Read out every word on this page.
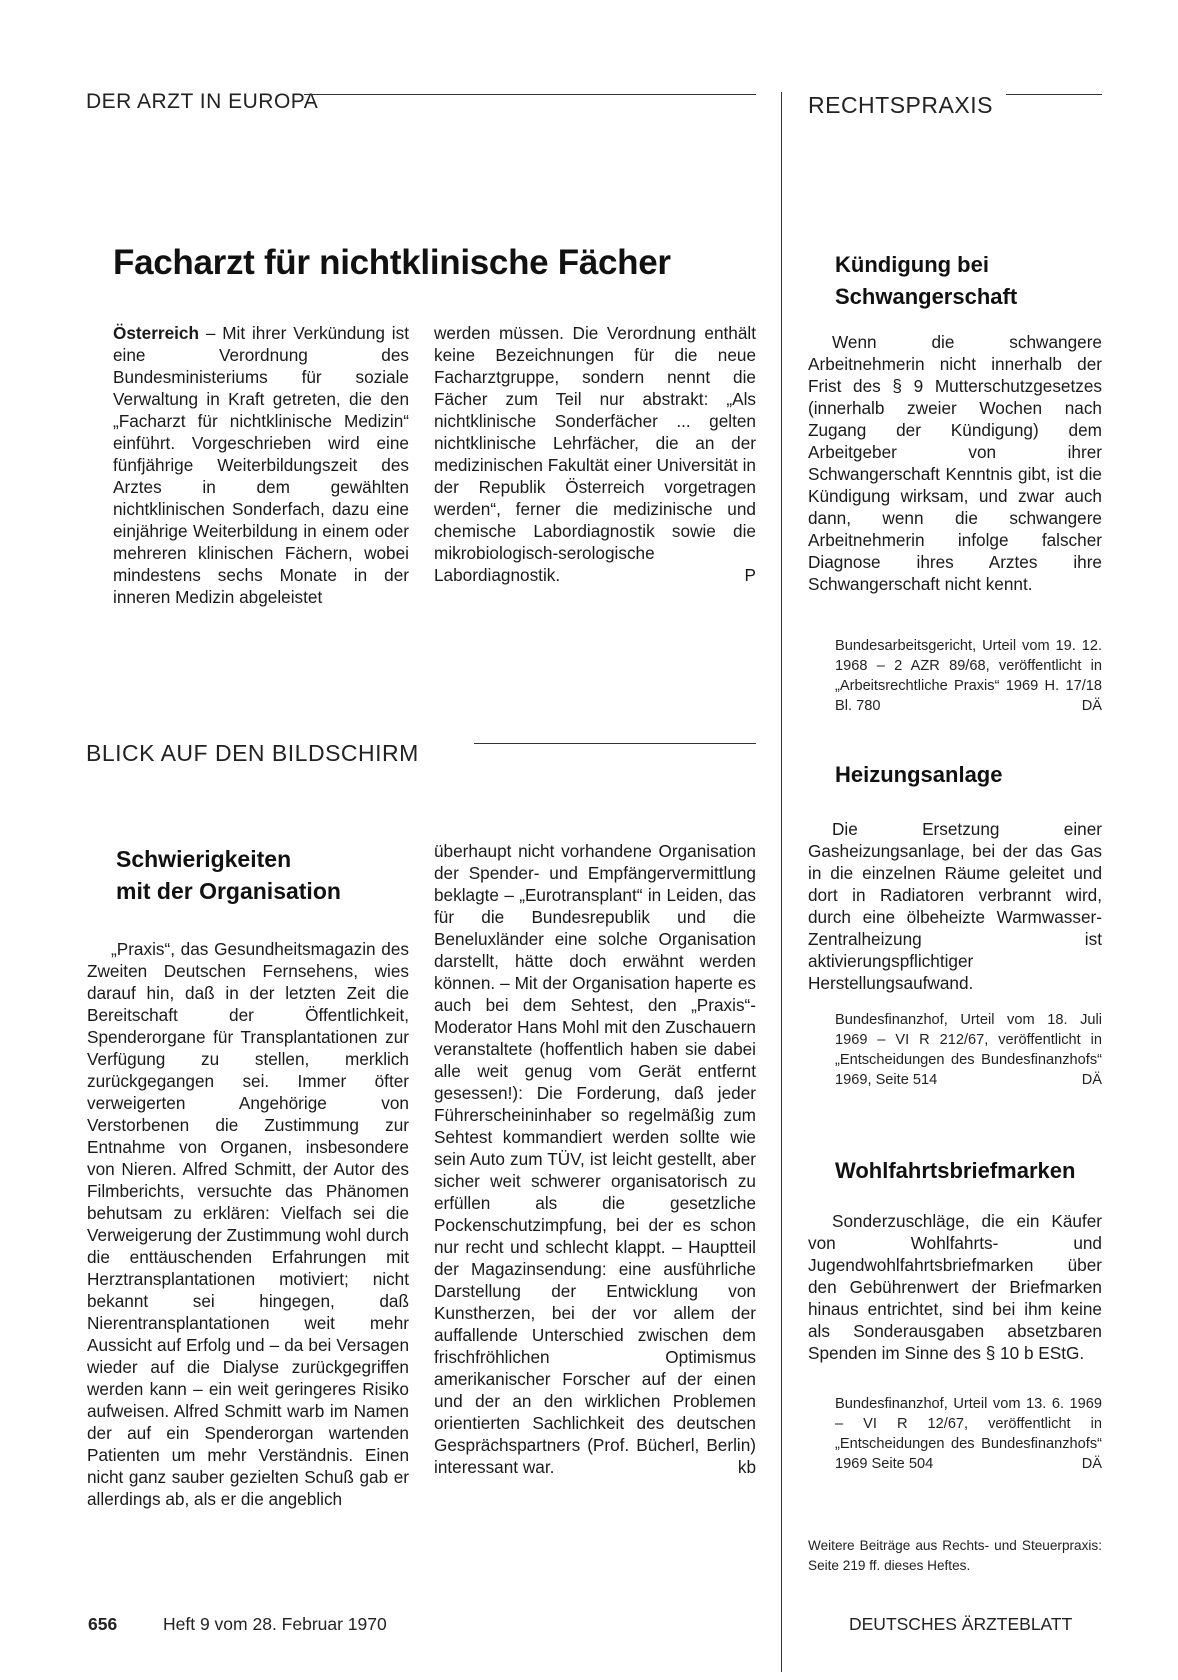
DER ARZT IN EUROPA	RECHTSPRAXIS
Facharzt für nichtklinische Fächer
Österreich – Mit ihrer Verkündung ist eine Verordnung des Bundesministeriums für soziale Verwaltung in Kraft getreten, die den „Facharzt für nichtklinische Medizin“ einführt. Vorgeschrieben wird eine fünfjährige Weiterbildungszeit des Arztes in dem gewählten nichtklinischen Sonderfach, dazu eine einjährige Weiterbildung in einem oder mehreren klinischen Fächern, wobei mindestens sechs Monate in der inneren Medizin abgeleistet
werden müssen. Die Verordnung enthält keine Bezeichnungen für die neue Facharztgruppe, sondern nennt die Fächer zum Teil nur abstrakt: „Als nichtklinische Sonderfächer ... gelten nichtklinische Lehrfächer, die an der medizinischen Fakultät einer Universität in der Republik Österreich vorgetragen werden“, ferner die medizinische und chemische Labordiagnostik sowie die mikrobiologisch-serologische Labordiagnostik.	P
BLICK AUF DEN BILDSCHIRM
Schwierigkeiten
mit der Organisation

„Praxis“, das Gesundheitsmagazin des Zweiten Deutschen Fernsehens, wies darauf hin, daß in der letzten Zeit die Bereitschaft der Öffentlichkeit, Spenderorgane für Transplantationen zur Verfügung zu stellen, merklich zurückgegangen sei. Immer öfter verweigerten Angehörige von Verstorbenen die Zustimmung zur Entnahme von Organen, insbesondere von Nieren. Alfred Schmitt, der Autor des Filmberichts, versuchte das Phänomen behutsam zu erklären: Vielfach sei die Verweigerung der Zustimmung wohl durch die enttäuschenden Erfahrungen mit Herztransplantationen motiviert; nicht bekannt sei hingegen, daß Nierentransplantationen weit mehr Aussicht auf Erfolg und – da bei Versagen wieder auf die Dialyse zurückgegriffen werden kann – ein weit geringeres Risiko aufweisen. Alfred Schmitt warb im Namen der auf ein Spenderorgan wartenden Patienten um mehr Verständnis. Einen nicht ganz sauber gezielten Schuß gab er allerdings ab, als er die angeblich

überhaupt nicht vorhandene Organisation der Spender- und Empfängervermittlung beklagte – „Eurotransplant“ in Leiden, das für die Bundesrepublik und die Beneluxländer eine solche Organisation darstellt, hätte doch erwähnt werden können. – Mit der Organisation haperte es auch bei dem Sehtest, den „Praxis“-Moderator Hans Mohl mit den Zuschauern veranstaltete (hoffentlich haben sie dabei alle weit genug vom Gerät entfernt gesessen!): Die Forderung, daß jeder Führerscheininhaber so regelmäßig zum Sehtest kommandiert werden sollte wie sein Auto zum TÜV, ist leicht gestellt, aber sicher weit schwerer organisatorisch zu erfüllen als die gesetzliche Pockenschutzimpfung, bei der es schon nur recht und schlecht klappt. – Hauptteil der Magazinsendung: eine ausführliche Darstellung der Entwicklung von Kunstherzen, bei der vor allem der auffallende Unterschied zwischen dem frischfröhlichen Optimismus amerikanischer Forscher auf der einen und der an den wirklichen Problemen orientierten Sachlichkeit des deutschen Gesprächspartners (Prof. Bücherl, Berlin) interessant war.	kb
Kündigung bei
Schwangerschaft

Wenn die schwangere Arbeitnehmerin nicht innerhalb der Frist des § 9 Mutterschutzgesetzes (innerhalb zweier Wochen nach Zugang der Kündigung) dem Arbeitgeber von ihrer Schwangerschaft Kenntnis gibt, ist die Kündigung wirksam, und zwar auch dann, wenn die schwangere Arbeitnehmerin infolge falscher Diagnose ihres Arztes ihre Schwangerschaft nicht kennt.

Bundesarbeitsgericht, Urteil vom 19. 12. 1968 – 2 AZR 89/68, veröffentlicht in „Arbeitsrechtliche Praxis“ 1969 H. 17/18 Bl. 780	DÄ
Heizungsanlage

Die Ersetzung einer Gasheizungsanlage, bei der das Gas in die einzelnen Räume geleitet und dort in Radiatoren verbrannt wird, durch eine ölbeheizte Warmwasser-Zentralheizung ist aktivierungspflichtiger Herstellungsaufwand.

Bundesfinanzhof, Urteil vom 18. Juli 1969 – VI R 212/67, veröffentlicht in „Entscheidungen des Bundesfinanzhofs“ 1969, Seite 514	DÄ
Wohlfahrtsbriefmarken

Sonderzuschläge, die ein Käufer von Wohlfahrts- und Jugendwohlfahrtsbriefmarken über den Gebührenwert der Briefmarken hinaus entrichtet, sind bei ihm keine als Sonderausgaben absetzbaren Spenden im Sinne des § 10 b EStG.

Bundesfinanzhof, Urteil vom 13. 6. 1969 – VI R 12/67, veröffentlicht in „Entscheidungen des Bundesfinanzhofs“ 1969 Seite 504	DÄ
Weitere Beiträge aus Rechts- und Steuerpraxis: Seite 219 ff. dieses Heftes.
656	Heft 9 vom 28. Februar 1970	DEUTSCHES ÄRZTEBLATT
